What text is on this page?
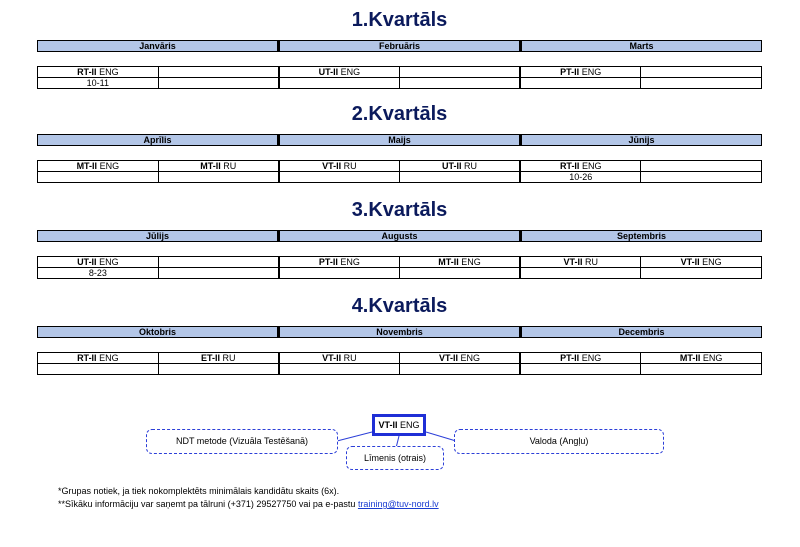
1.Kvartāls
Janvāris	Februāris	Marts
RT-II ENG		UT-II ENG		PT-II ENG	
10-11					
2.Kvartāls
Aprīlis	Maijs	Jūnijs
MT-II ENG	MT-II RU	VT-II RU	UT-II RU	RT-II ENG	
				10-26	
3.Kvartāls
Jūlijs	Augusts	Septembris
UT-II ENG		PT-II ENG	MT-II ENG	VT-II RU	VT-II ENG
8-23					
4.Kvartāls
Oktobris	Novembris	Decembris
RT-II ENG	ET-II RU	VT-II RU	VT-II ENG	PT-II ENG	MT-II ENG

VT-II ENG
NDT metode (Vizuāla Testēšanā)	Valoda (Angļu)
Līmenis (otrais)
*Grupas notiek, ja tiek nokomplektēts minimālais kandidātu skaits (6x).
**Sīkāku informāciju var saņemt pa tālruni (+371) 29527750 vai pa e-pastu training@tuv-nord.lv
